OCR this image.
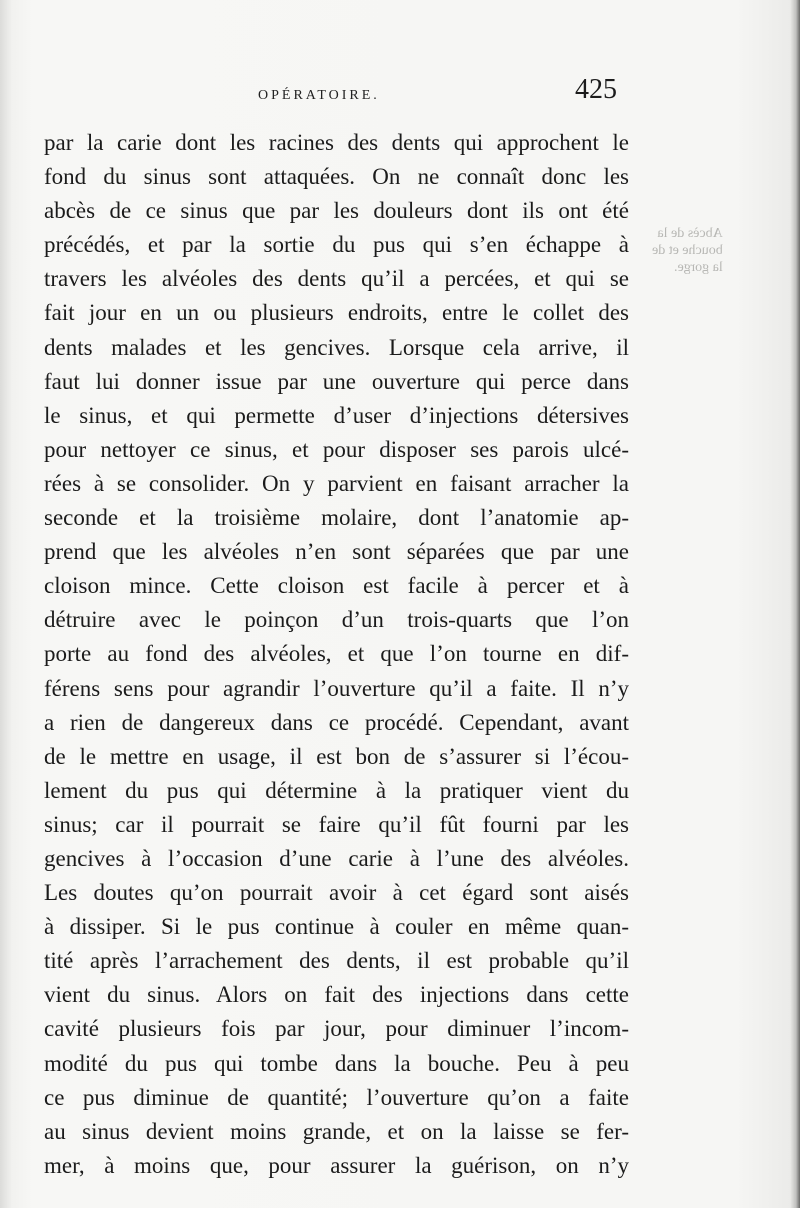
OPÉRATOIRE.	425
Abcès de la
bouche et de
la gorge.
par la carie dont les racines des dents qui approchent le
fond du sinus sont attaquées. On ne connaît donc les
abcès de ce sinus que par les douleurs dont ils ont été
précédés, et par la sortie du pus qui s’en échappe à
travers les alvéoles des dents qu’il a percées, et qui se
fait jour en un ou plusieurs endroits, entre le collet des
dents malades et les gencives. Lorsque cela arrive, il
faut lui donner issue par une ouverture qui perce dans
le sinus, et qui permette d’user d’injections détersives
pour nettoyer ce sinus, et pour disposer ses parois ulcé-
rées à se consolider. On y parvient en faisant arracher la
seconde et la troisième molaire, dont l’anatomie ap-
prend que les alvéoles n’en sont séparées que par une
cloison mince. Cette cloison est facile à percer et à
détruire avec le poinçon d’un trois-quarts que l’on
porte au fond des alvéoles, et que l’on tourne en dif-
férens sens pour agrandir l’ouverture qu’il a faite. Il n’y
a rien de dangereux dans ce procédé. Cependant, avant
de le mettre en usage, il est bon de s’assurer si l’écou-
lement du pus qui détermine à la pratiquer vient du
sinus; car il pourrait se faire qu’il fût fourni par les
gencives à l’occasion d’une carie à l’une des alvéoles.
Les doutes qu’on pourrait avoir à cet égard sont aisés
à dissiper. Si le pus continue à couler en même quan-
tité après l’arrachement des dents, il est probable qu’il
vient du sinus. Alors on fait des injections dans cette
cavité plusieurs fois par jour, pour diminuer l’incom-
modité du pus qui tombe dans la bouche. Peu à peu
ce pus diminue de quantité; l’ouverture qu’on a faite
au sinus devient moins grande, et on la laisse se fer-
mer, à moins que, pour assurer la guérison, on n’y
